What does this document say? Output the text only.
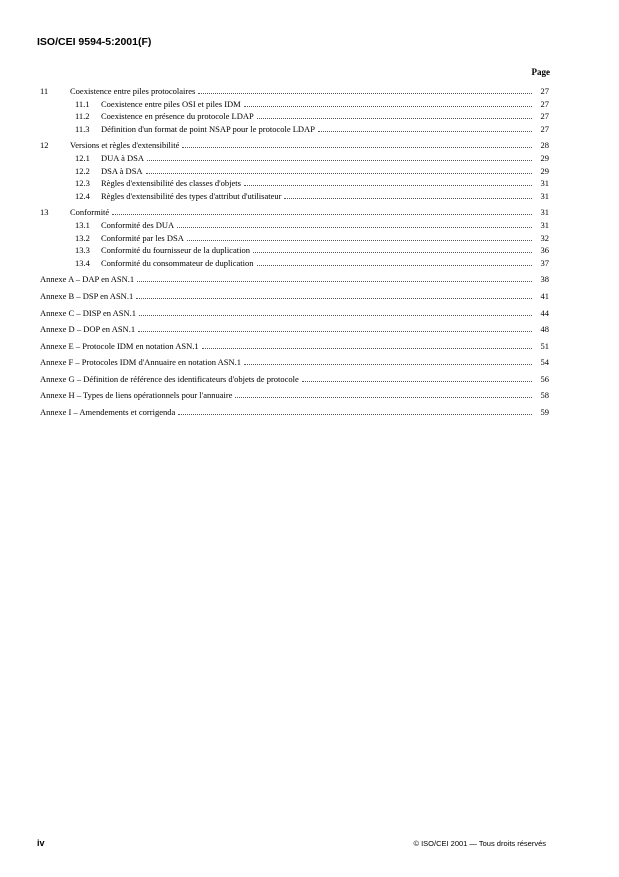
ISO/CEI 9594-5:2001(F)
Page
11	Coexistence entre piles protocolaires	27
11.1	Coexistence entre piles OSI et piles IDM	27
11.2	Coexistence en présence du protocole LDAP	27
11.3	Définition d'un format de point NSAP pour le protocole LDAP	27
12	Versions et règles d'extensibilité	28
12.1	DUA à DSA	29
12.2	DSA à DSA	29
12.3	Règles d'extensibilité des classes d'objets	31
12.4	Règles d'extensibilité des types d'attribut d'utilisateur	31
13	Conformité	31
13.1	Conformité des DUA	31
13.2	Conformité par les DSA	32
13.3	Conformité du fournisseur de la duplication	36
13.4	Conformité du consommateur de duplication	37
Annexe A – DAP en ASN.1	38
Annexe B – DSP en ASN.1	41
Annexe C – DISP en ASN.1	44
Annexe D – DOP en ASN.1	48
Annexe E – Protocole IDM en notation ASN.1	51
Annexe F – Protocoles IDM d'Annuaire en notation ASN.1	54
Annexe G – Définition de référence des identificateurs d'objets de protocole	56
Annexe H – Types de liens opérationnels pour l'annuaire	58
Annexe I – Amendements et corrigenda	59
iv	© ISO/CEI 2001 — Tous droits réservés
